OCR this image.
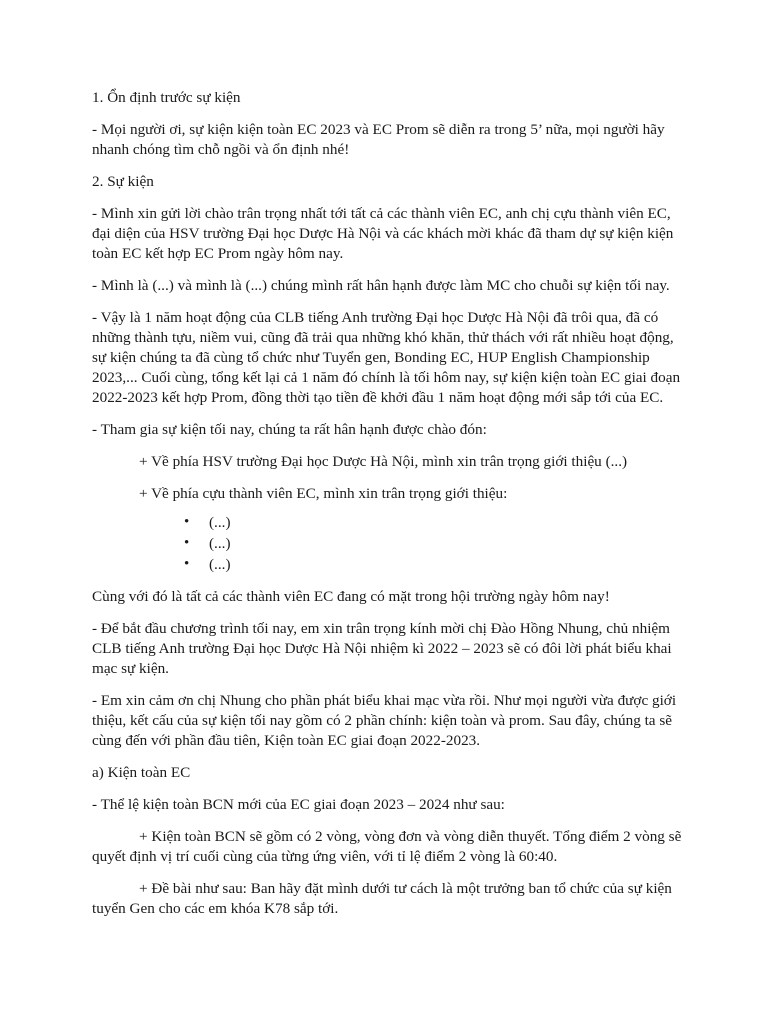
1. Ổn định trước sự kiện

- Mọi người ơi, sự kiện kiện toàn EC 2023 và EC Prom sẽ diễn ra trong 5’ nữa, mọi người hãy nhanh chóng tìm chỗ ngồi và ổn định nhé!

2. Sự kiện

- Mình xin gửi lời chào trân trọng nhất tới tất cả các thành viên EC, anh chị cựu thành viên EC, đại diện của HSV trường Đại học Dược Hà Nội và các khách mời khác đã tham dự sự kiện kiện toàn EC kết hợp EC Prom ngày hôm nay.

- Mình là (...) và mình là (...) chúng mình rất hân hạnh được làm MC cho chuỗi sự kiện tối nay.

- Vậy là 1 năm hoạt động của CLB tiếng Anh trường Đại học Dược Hà Nội đã trôi qua, đã có những thành tựu, niềm vui, cũng đã trải qua những khó khăn, thử thách với rất nhiều hoạt động, sự kiện chúng ta đã cùng tổ chức như Tuyển gen, Bonding EC, HUP English Championship 2023,... Cuối cùng, tổng kết lại cả 1 năm đó chính là tối hôm nay, sự kiện kiện toàn EC giai đoạn 2022-2023 kết hợp Prom, đồng thời tạo tiền đề khởi đầu 1 năm hoạt động mới sắp tới của EC.

- Tham gia sự kiện tối nay, chúng ta rất hân hạnh được chào đón:

+ Về phía HSV trường Đại học Dược Hà Nội, mình xin trân trọng giới thiệu (...)

+ Về phía cựu thành viên EC, mình xin trân trọng giới thiệu:

• (...)
• (...)
• (...)

Cùng với đó là tất cả các thành viên EC đang có mặt trong hội trường ngày hôm nay!

- Để bắt đầu chương trình tối nay, em xin trân trọng kính mời chị Đào Hồng Nhung, chủ nhiệm CLB tiếng Anh trường Đại học Dược Hà Nội nhiệm kì 2022 – 2023 sẽ có đôi lời phát biểu khai mạc sự kiện.

- Em xin cảm ơn chị Nhung cho phần phát biểu khai mạc vừa rồi. Như mọi người vừa được giới thiệu, kết cấu của sự kiện tối nay gồm có 2 phần chính: kiện toàn và prom. Sau đây, chúng ta sẽ cùng đến với phần đầu tiên, Kiện toàn EC giai đoạn 2022-2023.

a) Kiện toàn EC

- Thể lệ kiện toàn BCN mới của EC giai đoạn 2023 – 2024 như sau:

+ Kiện toàn BCN sẽ gồm có 2 vòng, vòng đơn và vòng diễn thuyết. Tổng điểm 2 vòng sẽ quyết định vị trí cuối cùng của từng ứng viên, với tỉ lệ điểm 2 vòng là 60:40.

+ Đề bài như sau: Ban hãy đặt mình dưới tư cách là một trưởng ban tổ chức của sự kiện tuyển Gen cho các em khóa K78 sắp tới.
